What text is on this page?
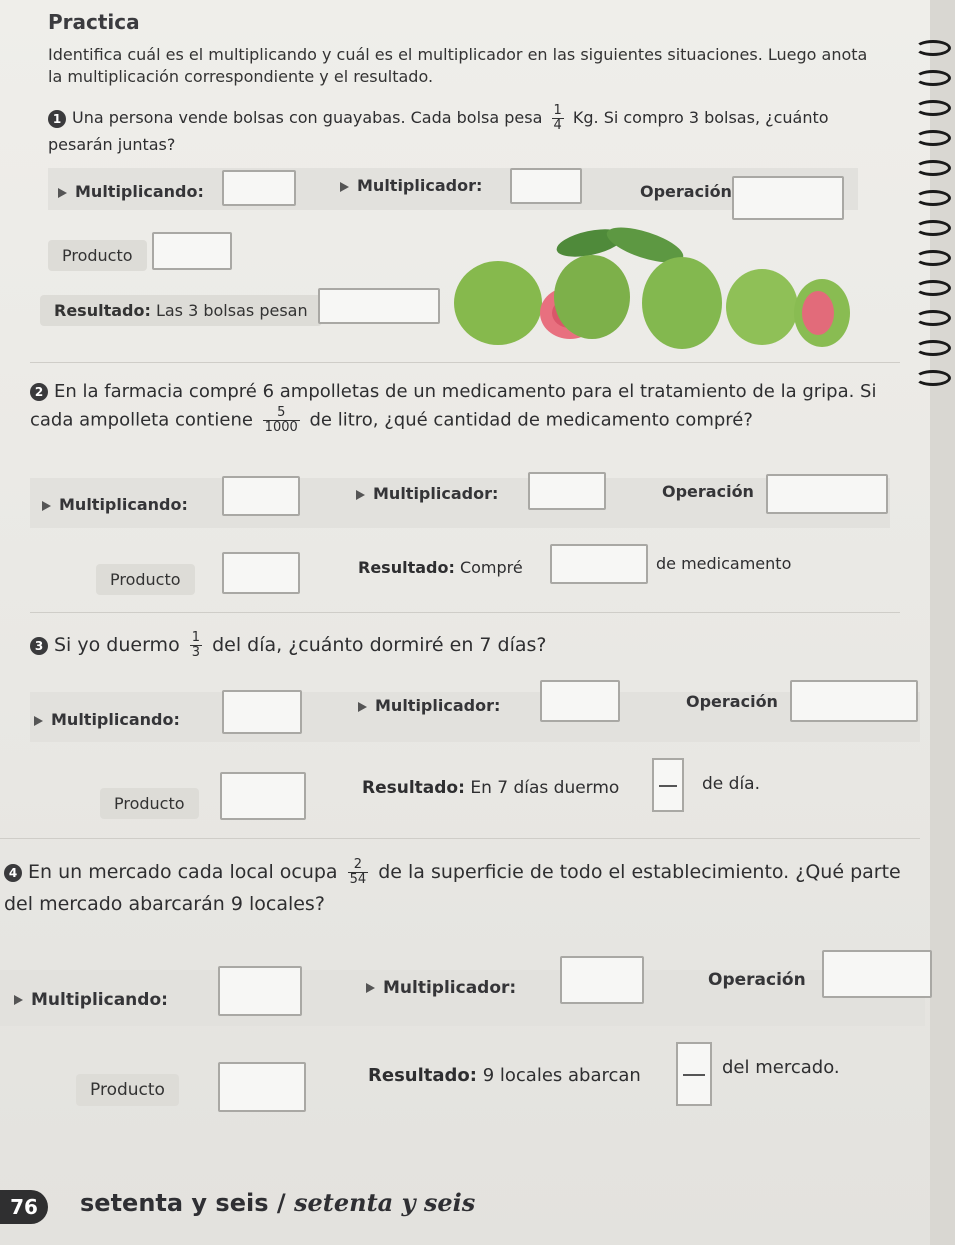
Practica
Identifica cuál es el multiplicando y cuál es el multiplicador en las siguientes situaciones. Luego anota la multiplicación correspondiente y el resultado.
1 Una persona vende bolsas con guayabas. Cada bolsa pesa $\frac{1}{4} Kg$. Si compro 3 bolsas, ¿cuánto pesarán juntas?
Multiplicando:	Multiplicador:	Operación
Producto
Resultado: Las 3 bolsas pesan
2 En la farmacia compré 6 ampolletas de un medicamento para el tratamiento de la gripa. Si cada ampolleta contiene $\frac{5}{1000}$ de litro, ¿qué cantidad de medicamento compré?
Multiplicando:
Multiplicador:	Operación
Producto
Resultado: Compré	de medicamento
3 Si yo duermo $\frac{1}{3}$ del día, ¿cuánto dormiré en 7 días?
Multiplicando:
Multiplicador:	Operación
Producto
Resultado: En 7 días duermo	de día.
4 En un mercado cada local ocupa $\frac{2}{54}$ de la superficie de todo el establecimiento. ¿Qué parte del mercado abarcarán 9 locales?
Multiplicando:
Multiplicador:	Operación
Producto
Resultado: 9 locales abarcan	del mercado.
76	setenta y seis / setenta y seis
